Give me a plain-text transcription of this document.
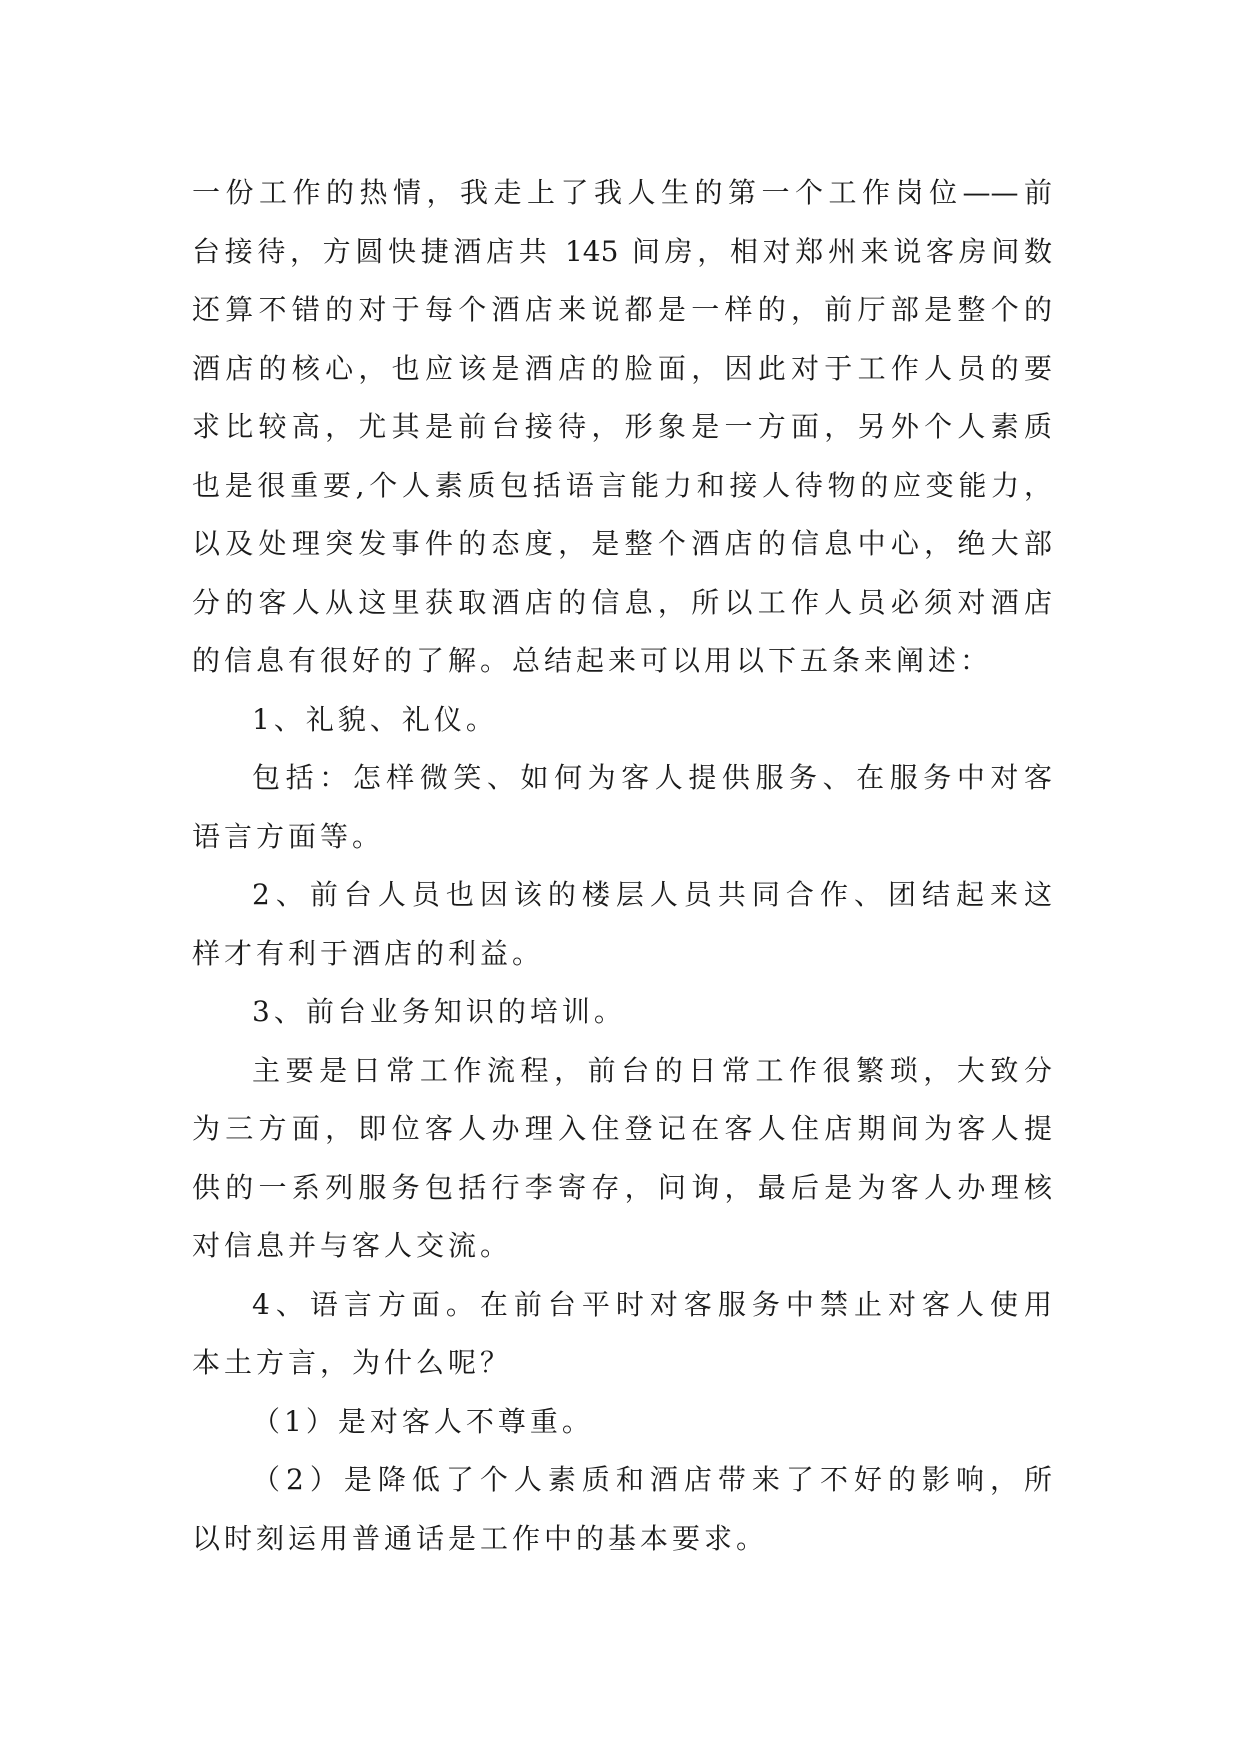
一份工作的热情，我走上了我人生的第一个工作岗位——前
台接待，方圆快捷酒店共 145 间房，相对郑州来说客房间数
还算不错的对于每个酒店来说都是一样的，前厅部是整个的
酒店的核心，也应该是酒店的脸面，因此对于工作人员的要
求比较高，尤其是前台接待，形象是一方面，另外个人素质
也是很重要,个人素质包括语言能力和接人待物的应变能力，
以及处理突发事件的态度，是整个酒店的信息中心，绝大部
分的客人从这里获取酒店的信息，所以工作人员必须对酒店
的信息有很好的了解。总结起来可以用以下五条来阐述：
1、礼貌、礼仪。
包括：怎样微笑、如何为客人提供服务、在服务中对客
语言方面等。
2、前台人员也因该的楼层人员共同合作、团结起来这
样才有利于酒店的利益。
3、前台业务知识的培训。
主要是日常工作流程，前台的日常工作很繁琐，大致分
为三方面，即位客人办理入住登记在客人住店期间为客人提
供的一系列服务包括行李寄存，问询，最后是为客人办理核
对信息并与客人交流。
4、语言方面。在前台平时对客服务中禁止对客人使用
本土方言，为什么呢？
（1）是对客人不尊重。
（2）是降低了个人素质和酒店带来了不好的影响，所
以时刻运用普通话是工作中的基本要求。
